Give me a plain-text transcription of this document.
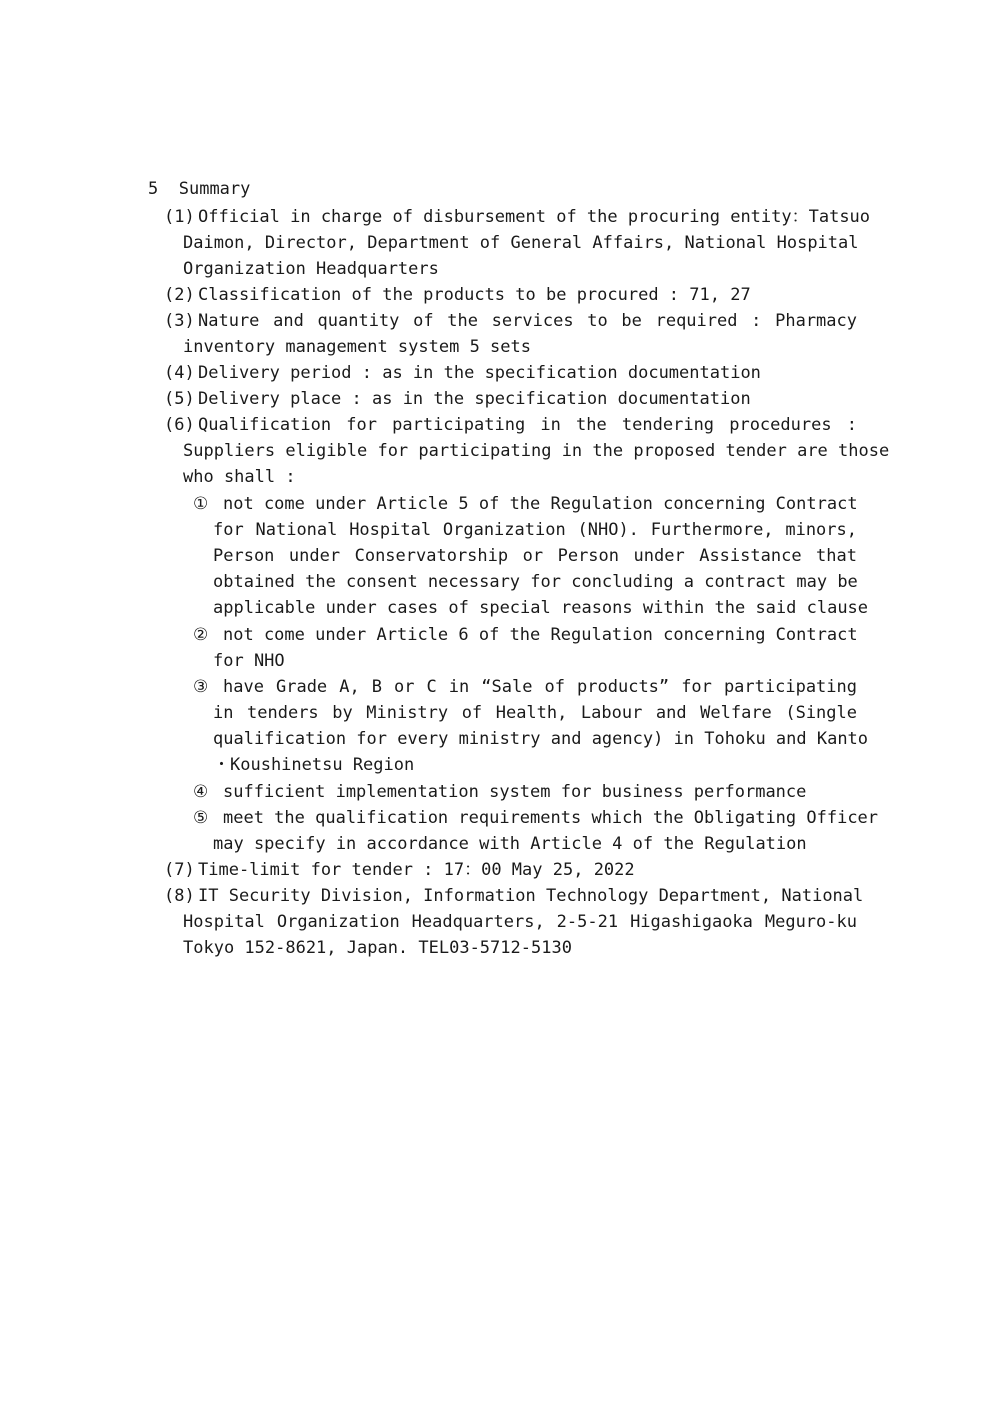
5 Summary
(1) Official in charge of disbursement of the procuring entity：Tatsuo
Daimon, Director, Department of General Affairs, National Hospital
Organization Headquarters
(2) Classification of the products to be procured : 71, 27
(3) Nature and quantity of the services to be required : Pharmacy
inventory management system 5 sets
(4) Delivery period : as in the specification documentation
(5) Delivery place : as in the specification documentation
(6) Qualification for participating in the tendering procedures :
Suppliers eligible for participating in the proposed tender are those
who shall :
① not come under Article 5 of the Regulation concerning Contract
for National Hospital Organization (NHO). Furthermore, minors,
Person under Conservatorship or Person under Assistance that
obtained the consent necessary for concluding a contract may be
applicable under cases of special reasons within the said clause
② not come under Article 6 of the Regulation concerning Contract
for NHO
③ have Grade A, B or C in “Sale of products” for participating
in tenders by Ministry of Health, Labour and Welfare (Single
qualification for every ministry and agency) in Tohoku and Kanto
・Koushinetsu Region
④ sufficient implementation system for business performance
⑤ meet the qualification requirements which the Obligating Officer
may specify in accordance with Article 4 of the Regulation
(7) Time-limit for tender : 17：00 May 25, 2022
(8) IT Security Division, Information Technology Department, National
Hospital Organization Headquarters, 2-5-21 Higashigaoka Meguro-ku
Tokyo 152-8621, Japan. TEL03-5712-5130
